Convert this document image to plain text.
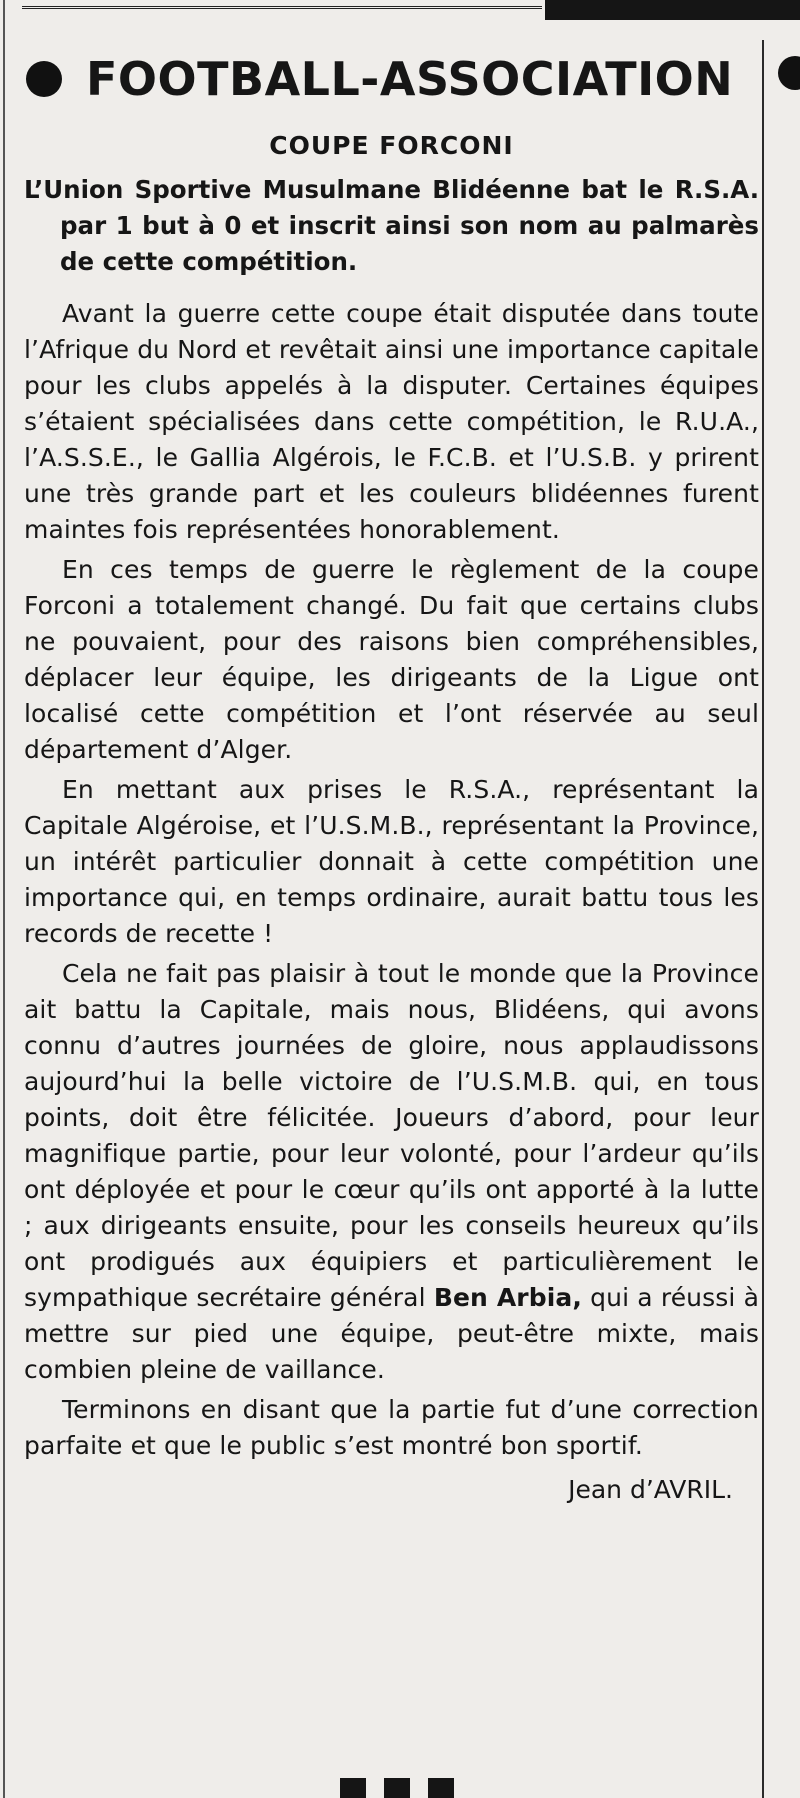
FOOTBALL-ASSOCIATION
COUPE FORCONI
L’Union Sportive Musulmane Blidéenne bat le R.S.A. par 1 but à 0 et inscrit ainsi son nom au palmarès de cette compétition.

Avant la guerre cette coupe était disputée dans toute l’Afrique du Nord et revêtait ainsi une importance capitale pour les clubs appelés à la disputer. Certaines équipes s’étaient spécialisées dans cette compétition, le R.U.A., l’A.S.S.E., le Gallia Algérois, le F.C.B. et l’U.S.B. y prirent une très grande part et les couleurs blidéennes furent maintes fois représentées honorablement.

En ces temps de guerre le règlement de la coupe Forconi a totalement changé. Du fait que certains clubs ne pouvaient, pour des raisons bien compréhensibles, déplacer leur équipe, les dirigeants de la Ligue ont localisé cette compétition et l’ont réservée au seul département d’Alger.

En mettant aux prises le R.S.A., représentant la Capitale Algéroise, et l’U.S.M.B., représentant la Province, un intérêt particulier donnait à cette compétition une importance qui, en temps ordinaire, aurait battu tous les records de recette !

Cela ne fait pas plaisir à tout le monde que la Province ait battu la Capitale, mais nous, Blidéens, qui avons connu d’autres journées de gloire, nous applaudissons aujourd’hui la belle victoire de l’U.S.M.B. qui, en tous points, doit être félicitée. Joueurs d’abord, pour leur magnifique partie, pour leur volonté, pour l’ardeur qu’ils ont déployée et pour le cœur qu’ils ont apporté à la lutte ; aux dirigeants ensuite, pour les conseils heureux qu’ils ont prodigués aux équipiers et particulièrement le sympathique secrétaire général Ben Arbia, qui a réussi à mettre sur pied une équipe, peut-être mixte, mais combien pleine de vaillance.

Terminons en disant que la partie fut d’une correction parfaite et que le public s’est montré bon sportif.

Jean d’AVRIL.
